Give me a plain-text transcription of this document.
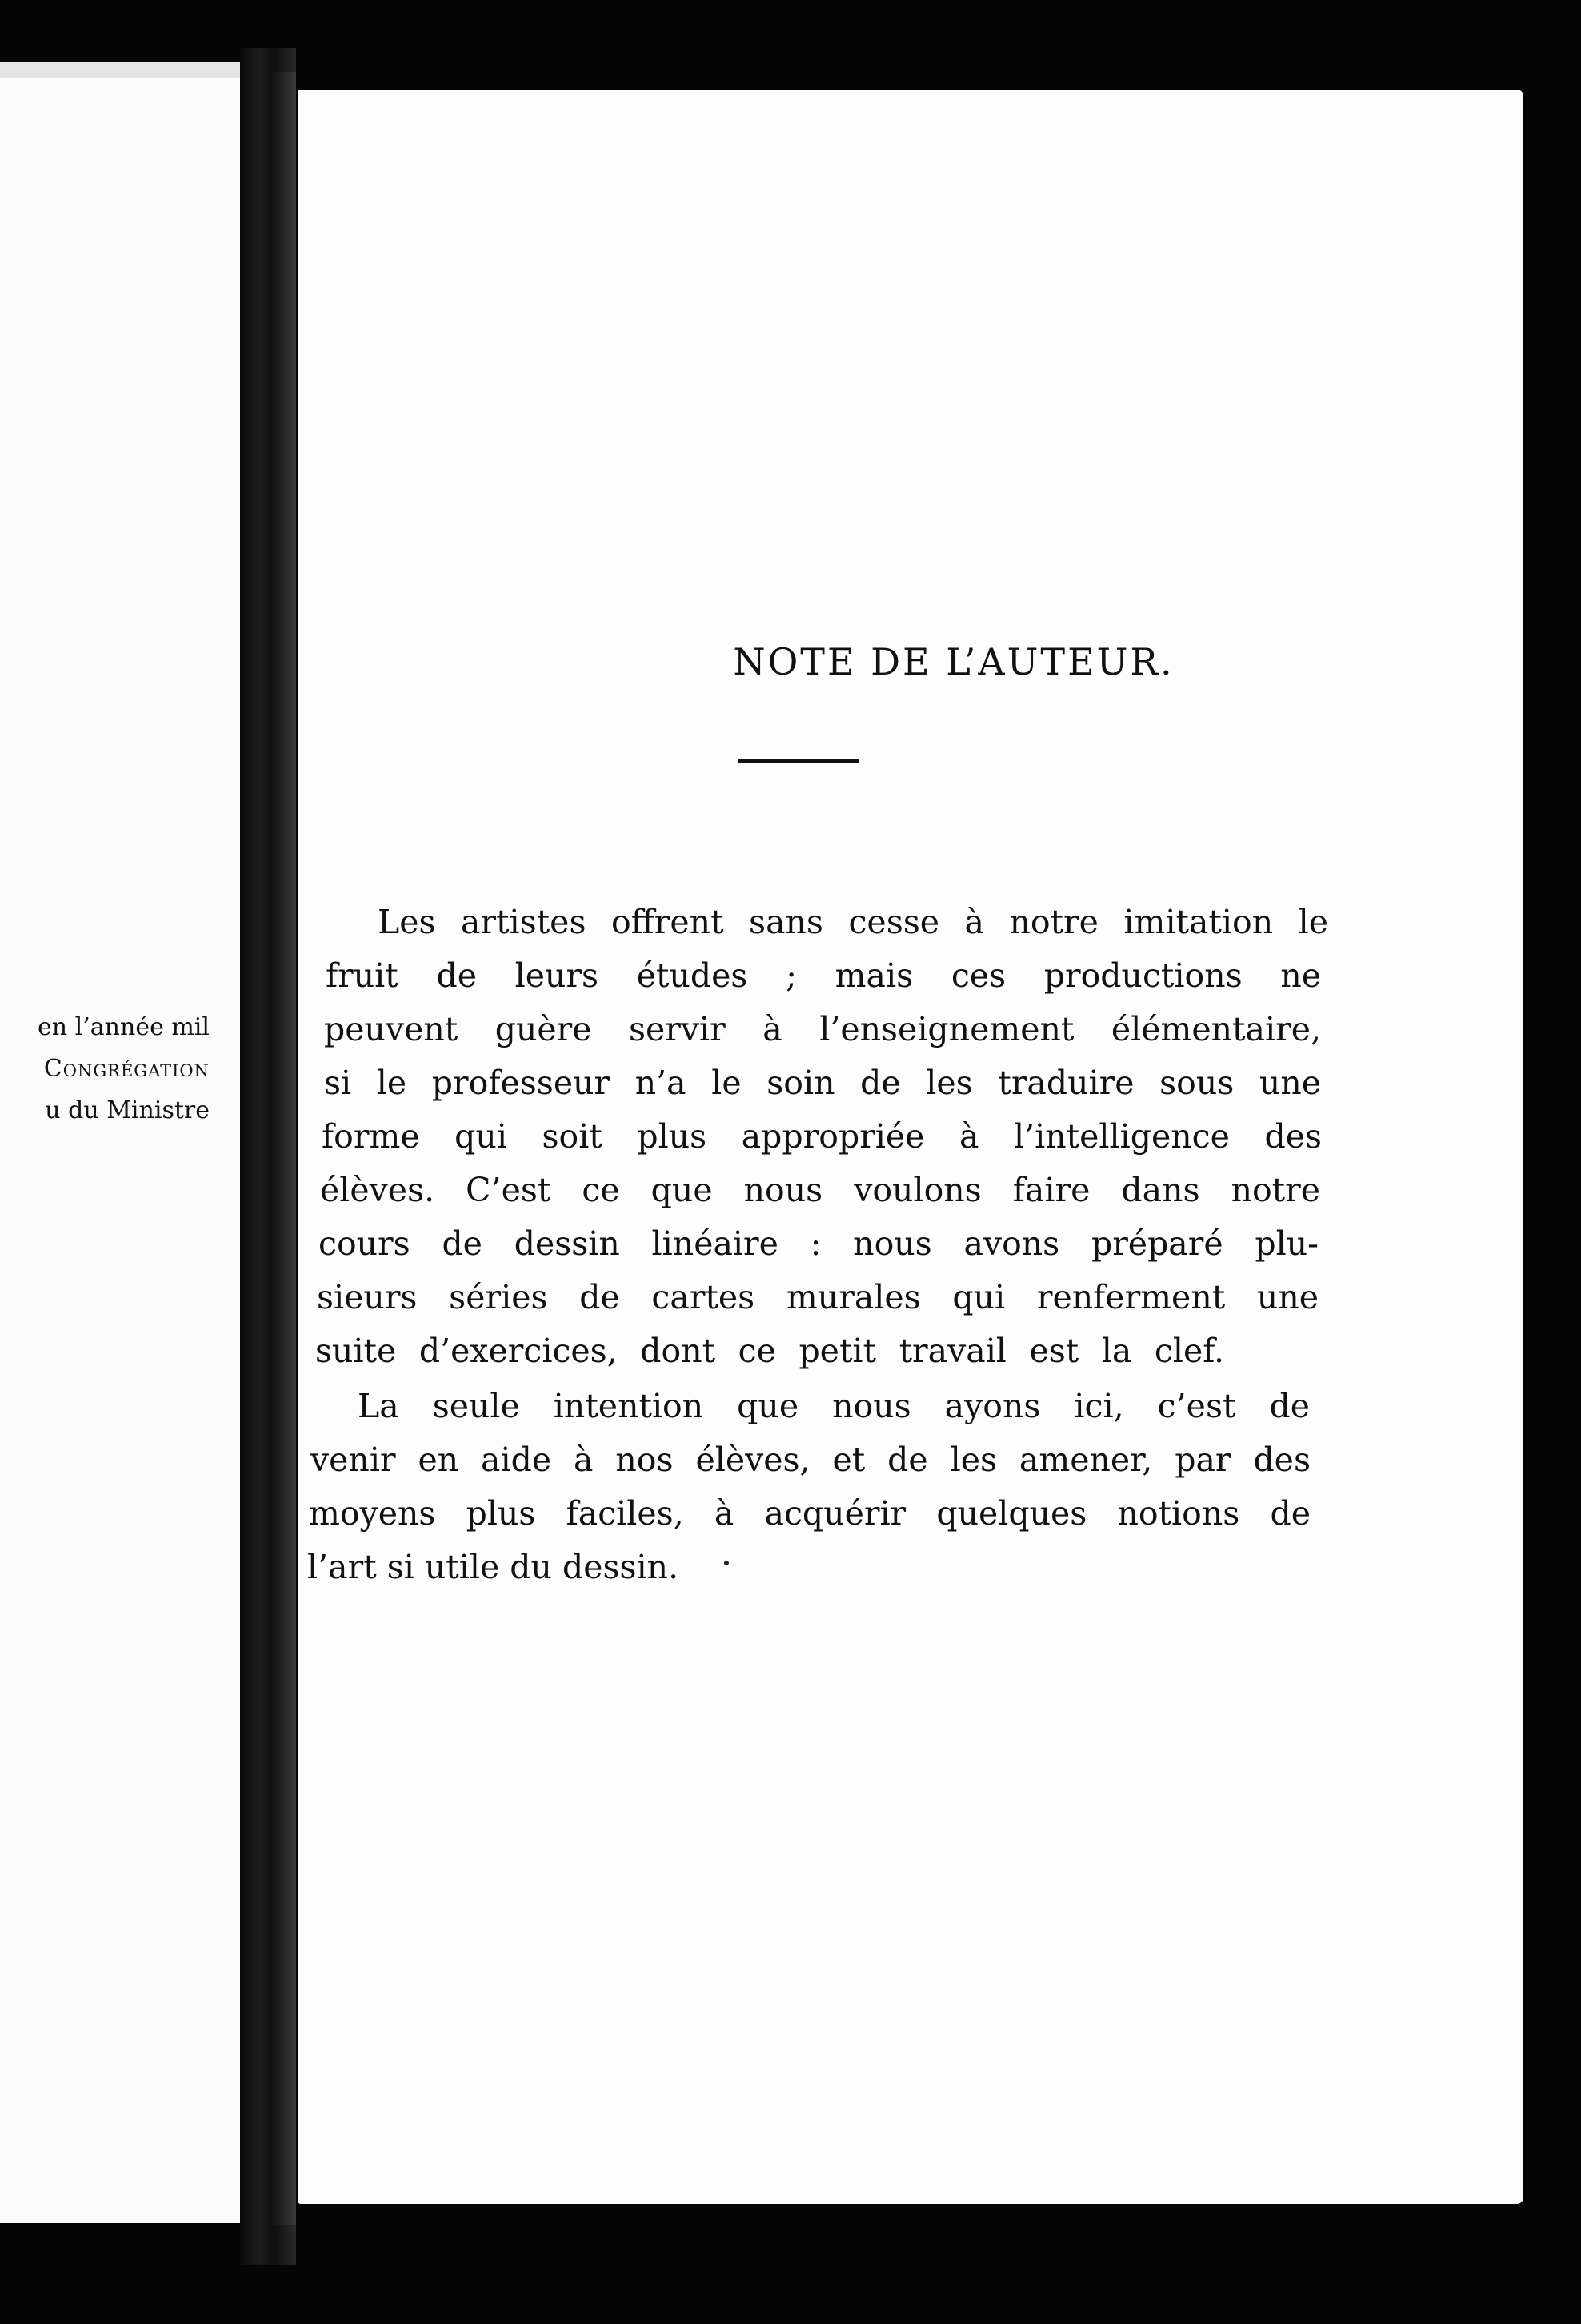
en l’année mil
Congrégation
u du Ministre
NOTE DE L’AUTEUR.
Les artistes offrent sans cesse à notre imitation le
fruit de leurs études ; mais ces productions ne
peuvent guère servir à l’enseignement élémentaire,
si le professeur n’a le soin de les traduire sous une
forme qui soit plus appropriée à l’intelligence des
élèves. C’est ce que nous voulons faire dans notre
cours de dessin linéaire : nous avons préparé plu-
sieurs séries de cartes murales qui renferment une
suite d’exercices, dont ce petit travail est la clef.
La seule intention que nous ayons ici, c’est de
venir en aide à nos élèves, et de les amener, par des
moyens plus faciles, à acquérir quelques notions de
l’art si utile du dessin.
